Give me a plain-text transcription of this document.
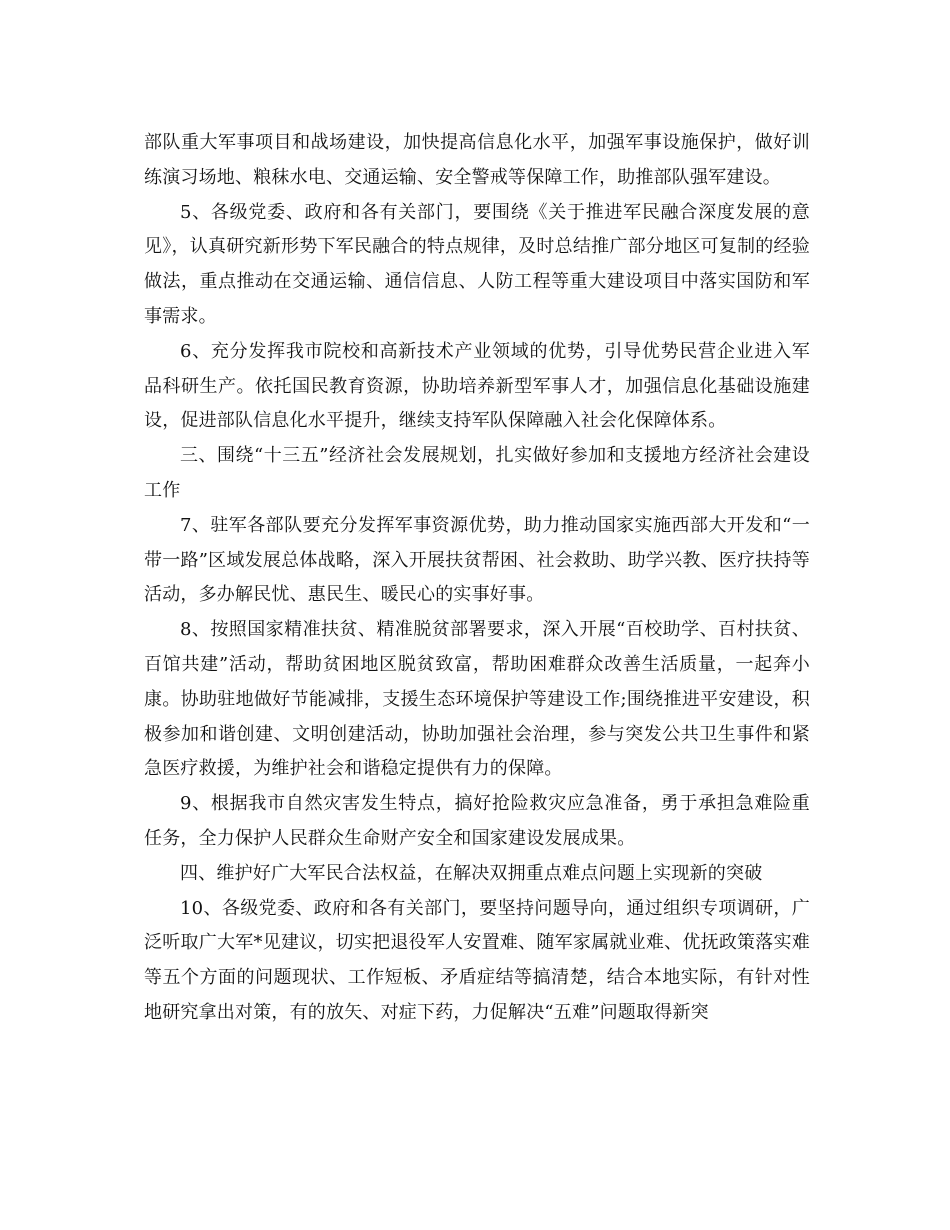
部队重大军事项目和战场建设，加快提高信息化水平，加强军事设施保护，做好训练演习场地、粮秣水电、交通运输、安全警戒等保障工作，助推部队强军建设。

5、各级党委、政府和各有关部门，要围绕《关于推进军民融合深度发展的意见》，认真研究新形势下军民融合的特点规律，及时总结推广部分地区可复制的经验做法，重点推动在交通运输、通信信息、人防工程等重大建设项目中落实国防和军事需求。

6、充分发挥我市院校和高新技术产业领域的优势，引导优势民营企业进入军品科研生产。依托国民教育资源，协助培养新型军事人才，加强信息化基础设施建设，促进部队信息化水平提升，继续支持军队保障融入社会化保障体系。

三、围绕“十三五”经济社会发展规划，扎实做好参加和支援地方经济社会建设工作

7、驻军各部队要充分发挥军事资源优势，助力推动国家实施西部大开发和“一带一路”区域发展总体战略，深入开展扶贫帮困、社会救助、助学兴教、医疗扶持等活动，多办解民忧、惠民生、暖民心的实事好事。

8、按照国家精准扶贫、精准脱贫部署要求，深入开展“百校助学、百村扶贫、百馆共建”活动，帮助贫困地区脱贫致富，帮助困难群众改善生活质量，一起奔小康。协助驻地做好节能减排，支援生态环境保护等建设工作;围绕推进平安建设，积极参加和谐创建、文明创建活动，协助加强社会治理，参与突发公共卫生事件和紧急医疗救援，为维护社会和谐稳定提供有力的保障。

9、根据我市自然灾害发生特点，搞好抢险救灾应急准备，勇于承担急难险重任务，全力保护人民群众生命财产安全和国家建设发展成果。

四、维护好广大军民合法权益，在解决双拥重点难点问题上实现新的突破

10、各级党委、政府和各有关部门，要坚持问题导向，通过组织专项调研，广泛听取广大军*见建议，切实把退役军人安置难、随军家属就业难、优抚政策落实难等五个方面的问题现状、工作短板、矛盾症结等搞清楚，结合本地实际，有针对性地研究拿出对策，有的放矢、对症下药，力促解决“五难”问题取得新突
